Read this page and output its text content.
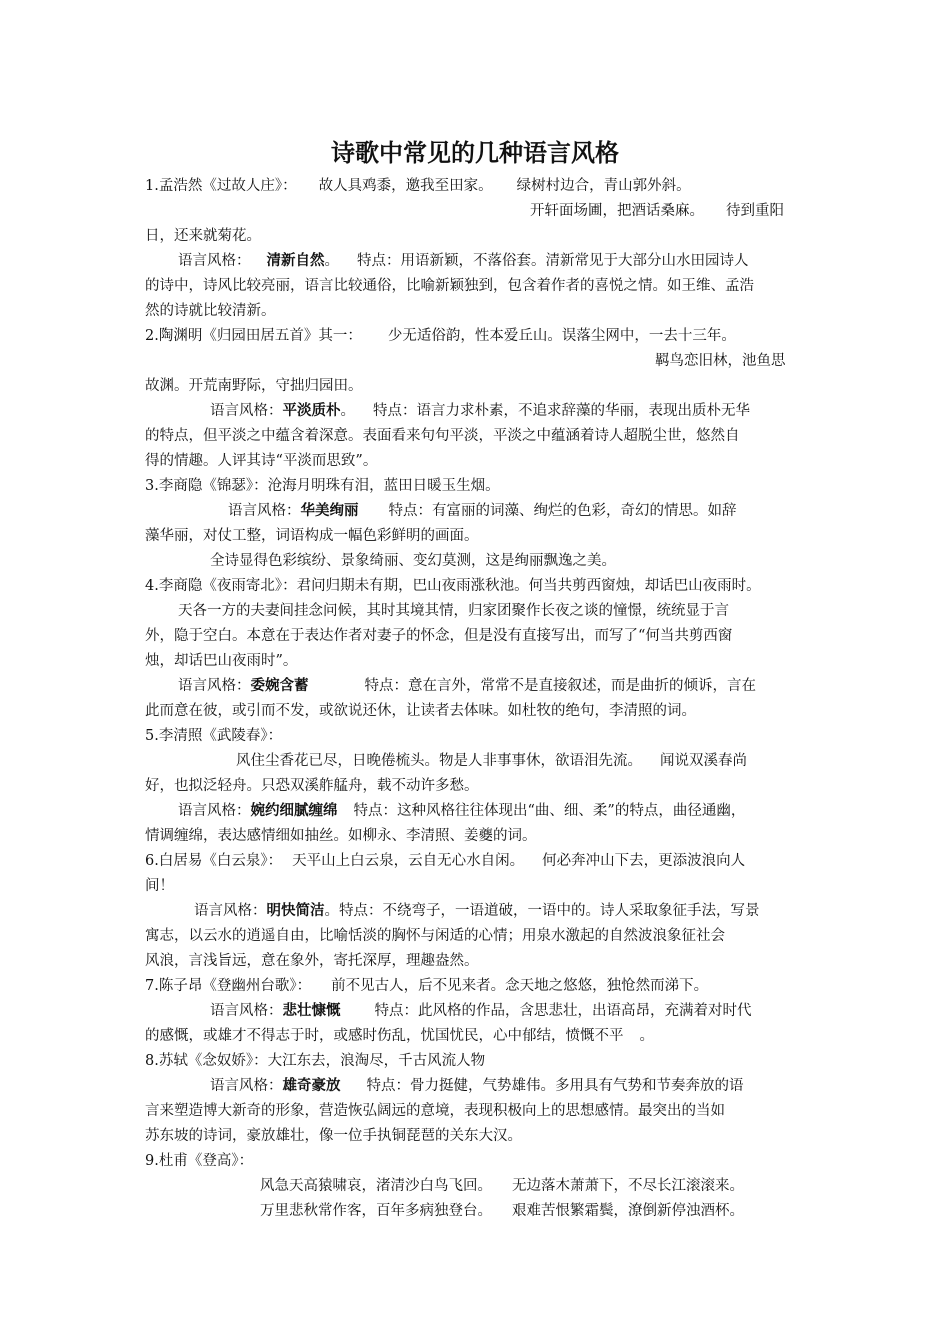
诗歌中常见的几种语言风格
1.孟浩然《过故人庄》： 故人具鸡黍，邀我至田家。 绿树村边合，青山郭外斜。
开轩面场圃，把酒话桑麻。 待到重阳
日，还来就菊花。
语言风格： 清新自然。 特点：用语新颖，不落俗套。清新常见于大部分山水田园诗人
的诗中，诗风比较亮丽，语言比较通俗，比喻新颖独到，包含着作者的喜悦之情。如王维、孟浩
然的诗就比较清新。
2.陶渊明《归园田居五首》其一： 少无适俗韵，性本爱丘山。误落尘网中，一去十三年。
羁鸟恋旧林，池鱼思
故渊。开荒南野际，守拙归园田。
语言风格：平淡质朴。 特点：语言力求朴素，不追求辞藻的华丽，表现出质朴无华
的特点，但平淡之中蕴含着深意。表面看来句句平淡，平淡之中蕴涵着诗人超脱尘世，悠然自
得的情趣。人评其诗“平淡而思致”。
3.李商隐《锦瑟》：沧海月明珠有泪，蓝田日暖玉生烟。
语言风格：华美绚丽 特点：有富丽的词藻、绚烂的色彩，奇幻的情思。如辞
藻华丽，对仗工整，词语构成一幅色彩鲜明的画面。
全诗显得色彩缤纷、景象绮丽、变幻莫测，这是绚丽飘逸之美。
4.李商隐《夜雨寄北》：君问归期未有期，巴山夜雨涨秋池。何当共剪西窗烛，却话巴山夜雨时。
天各一方的夫妻间挂念问候，其时其境其情，归家团聚作长夜之谈的憧憬，统统显于言
外，隐于空白。本意在于表达作者对妻子的怀念，但是没有直接写出，而写了“何当共剪西窗
烛，却话巴山夜雨时”。
语言风格：委婉含蓄	特点：意在言外，常常不是直接叙述，而是曲折的倾诉，言在
此而意在彼，或引而不发，或欲说还休，让读者去体味。如杜牧的绝句，李清照的词。
5.李清照《武陵春》：
风住尘香花已尽，日晚倦梳头。物是人非事事休，欲语泪先流。 闻说双溪春尚
好，也拟泛轻舟。只恐双溪舴艋舟，载不动许多愁。
语言风格：婉约细腻缠绵 特点：这种风格往往体现出“曲、细、柔”的特点，曲径通幽，
情调缠绵，表达感情细如抽丝。如柳永、李清照、姜夔的词。
6.白居易《白云泉》： 天平山上白云泉，云自无心水自闲。 何必奔冲山下去，更添波浪向人
间！
语言风格：明快简洁。特点：不绕弯子，一语道破，一语中的。诗人采取象征手法，写景
寓志，以云水的逍遥自由，比喻恬淡的胸怀与闲适的心情；用泉水激起的自然波浪象征社会
风浪，言浅旨远，意在象外，寄托深厚，理趣盎然。
7.陈子昂《登幽州台歌》： 前不见古人，后不见来者。念天地之悠悠，独怆然而涕下。
语言风格：悲壮慷慨 特点：此风格的作品，含思悲壮，出语高昂，充满着对时代
的感慨，或雄才不得志于时，或感时伤乱，忧国忧民，心中郁结，愤慨不平 。
8.苏轼《念奴娇》：大江东去，浪淘尽，千古风流人物
语言风格：雄奇豪放 特点：骨力挺健，气势雄伟。多用具有气势和节奏奔放的语
言来塑造博大新奇的形象，营造恢弘阔远的意境，表现积极向上的思想感情。最突出的当如
苏东坡的诗词，豪放雄壮，像一位手执铜琵琶的关东大汉。
9.杜甫《登高》：
风急天高猿啸哀，渚清沙白鸟飞回。 无边落木萧萧下，不尽长江滚滚来。
万里悲秋常作客，百年多病独登台。 艰难苦恨繁霜鬓，潦倒新停浊酒杯。
